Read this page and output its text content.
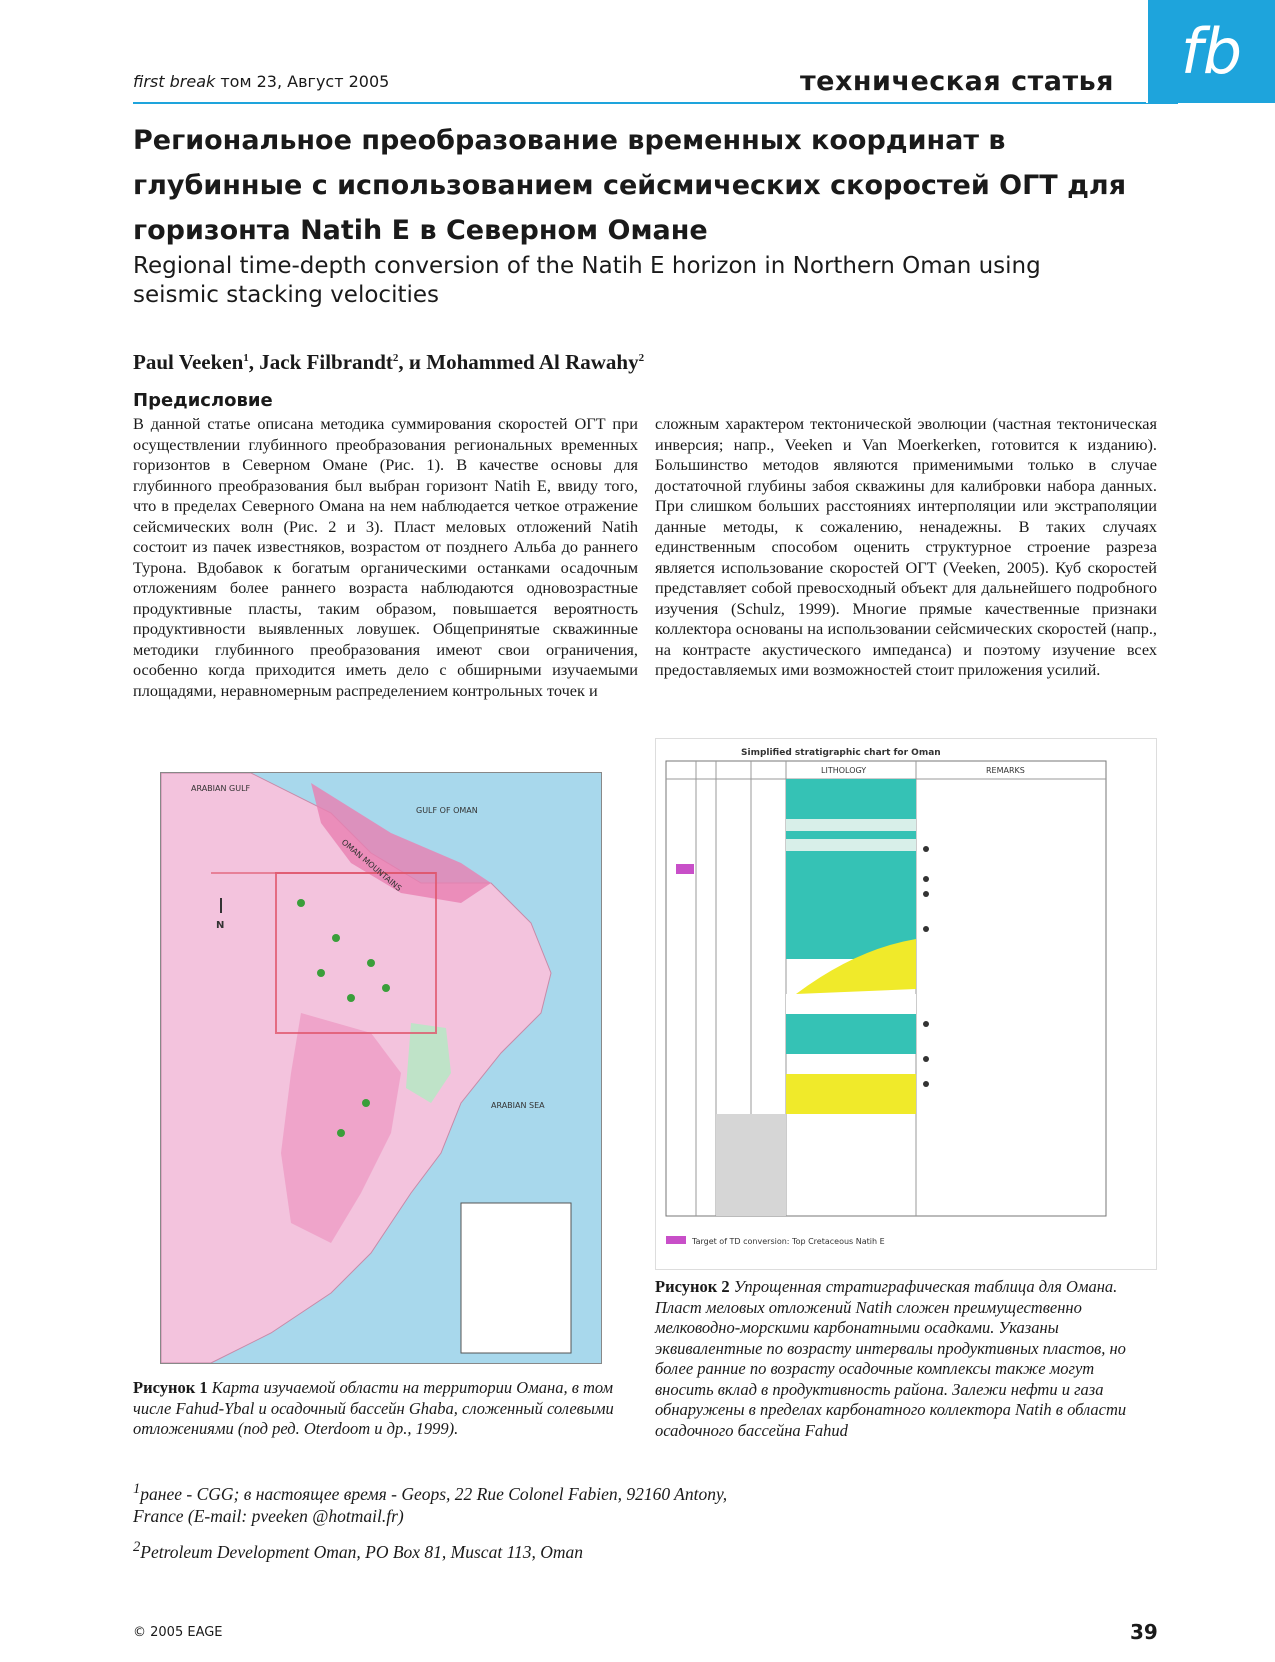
first break том 23, Август 2005	техническая статья	fb
Региональное преобразование временных координат в глубинные с использованием сейсмических скоростей ОГТ для горизонта Natih E в Северном Омане
Regional time-depth conversion of the Natih E horizon in Northern Oman using seismic stacking velocities
Paul Veeken$^1$, Jack Filbrandt$^2$, и Mohammed Al Rawahy$^2$
Предисловие
В данной статье описана методика суммирования скоростей ОГТ при осуществлении глубинного преобразования региональных временных горизонтов в Северном Омане (Рис. 1). В качестве основы для глубинного преобразования был выбран горизонт Natih E, ввиду того, что в пределах Северного Омана на нем наблюдается четкое отражение сейсмических волн (Рис. 2 и 3). Пласт меловых отложений Natih состоит из пачек известняков, возрастом от позднего Альба до раннего Турона. Вдобавок к богатым органическими останками осадочным отложениям более раннего возраста наблюдаются одновозрастные продуктивные пласты, таким образом, повышается вероятность продуктивности выявленных ловушек. Общепринятые скважинные методики глубинного преобразования имеют свои ограничения, особенно когда приходится иметь дело с обширными изучаемыми площадями, неравномерным распределением контрольных точек и
сложным характером тектонической эволюции (частная тектоническая инверсия; напр., Veeken и Van Moerkerken, готовится к изданию). Большинство методов являются применимыми только в случае достаточной глубины забоя скважины для калибровки набора данных. При слишком больших расстояниях интерполяции или экстраполяции данные методы, к сожалению, ненадежны. В таких случаях единственным способом оценить структурное строение разреза является использование скоростей ОГТ (Veeken, 2005). Куб скоростей представляет собой превосходный объект для дальнейшего подробного изучения (Schulz, 1999). Многие прямые качественные признаки коллектора основаны на использовании сейсмических скоростей (напр., на контрасте акустического импеданса) и поэтому изучение всех предоставляемых ими возможностей стоит приложения усилий.
ARABIAN GULF
GULF OF OMAN
OMAN MOUNTAINS
ARABIAN SEA
N
Simplified stratigraphic chart for Oman
LITHOLOGY	REMARKS
Target of TD conversion: Top Cretaceous Natih E
Рисунок 1 Карта изучаемой области на территории Омана, в том числе Fahud-Ybal и осадочный бассейн Ghaba, сложенный солевыми отложениями (под ред. Oterdoom и др., 1999).
Рисунок 2 Упрощенная стратиграфическая таблица для Омана. Пласт меловых отложений Natih сложен преимущественно мелководно-морскими карбонатными осадками. Указаны эквивалентные по возрасту интервалы продуктивных пластов, но более ранние по возрасту осадочные комплексы также могут вносить вклад в продуктивность района. Залежи нефти и газа обнаружены в пределах карбонатного коллектора Natih в области осадочного бассейна Fahud
$^1$ранее - CGG; в настоящее время - Geops, 22 Rue Colonel Fabien, 92160 Antony, France (E-mail: pveeken @hotmail.fr)
$^2$Petroleum Development Oman, PO Box 81, Muscat 113, Oman
© 2005 EAGE	39
